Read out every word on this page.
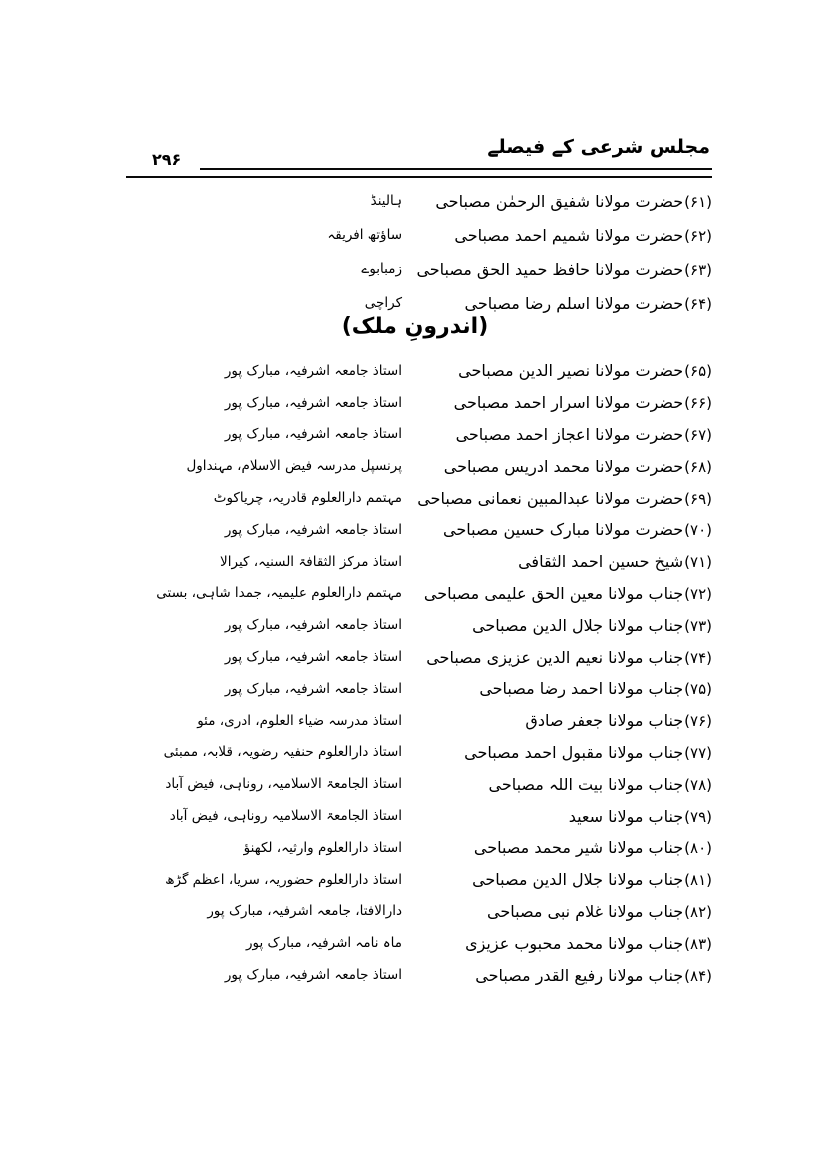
مجلس شرعی کے فیصلے
۲۹۶
(۶۱)حضرت مولانا شفیق الرحمٰن مصباحی
ہالینڈ
(۶۲)حضرت مولانا شمیم احمد مصباحی
ساؤتھ افریقہ
(۶۳)حضرت مولانا حافظ حمید الحق مصباحی
زمبابوے
(۶۴)حضرت مولانا اسلم رضا مصباحی
کراچی
(اندرونِ ملک)
(۶۵)حضرت مولانا نصیر الدین مصباحی
استاذ جامعہ اشرفیہ، مبارک پور
(۶۶)حضرت مولانا اسرار احمد مصباحی
استاذ جامعہ اشرفیہ، مبارک پور
(۶۷)حضرت مولانا اعجاز احمد مصباحی
استاذ جامعہ اشرفیہ، مبارک پور
(۶۸)حضرت مولانا محمد ادریس مصباحی
پرنسپل مدرسہ فیض الاسلام، مہنداول
(۶۹)حضرت مولانا عبدالمبین نعمانی مصباحی
مہتمم دارالعلوم قادریہ، چریاکوٹ
(۷۰)حضرت مولانا مبارک حسین مصباحی
استاذ جامعہ اشرفیہ، مبارک پور
(۷۱)شیخ حسین احمد الثقافی
استاذ مرکز الثقافۃ السنیہ، کیرالا
(۷۲)جناب مولانا معین الحق علیمی مصباحی
مہتمم دارالعلوم علیمیہ، جمدا شاہی، بستی
(۷۳)جناب مولانا جلال الدین مصباحی
استاذ جامعہ اشرفیہ، مبارک پور
(۷۴)جناب مولانا نعیم الدین عزیزی مصباحی
استاذ جامعہ اشرفیہ، مبارک پور
(۷۵)جناب مولانا احمد رضا مصباحی
استاذ جامعہ اشرفیہ، مبارک پور
(۷۶)جناب مولانا جعفر صادق
استاذ مدرسہ ضیاء العلوم، ادری، مئو
(۷۷)جناب مولانا مقبول احمد مصباحی
استاذ دارالعلوم حنفیہ رضویہ، قلابہ، ممبئی
(۷۸)جناب مولانا بیت اللہ مصباحی
استاذ الجامعۃ الاسلامیہ، روناہی، فیض آباد
(۷۹)جناب مولانا سعید
استاذ الجامعۃ الاسلامیہ روناہی، فیض آباد
(۸۰)جناب مولانا شیر محمد مصباحی
استاذ دارالعلوم وارثیہ، لکھنؤ
(۸۱)جناب مولانا جلال الدین مصباحی
استاذ دارالعلوم حضوریہ، سریا، اعظم گڑھ
(۸۲)جناب مولانا غلام نبی مصباحی
دارالافتا، جامعہ اشرفیہ، مبارک پور
(۸۳)جناب مولانا محمد محبوب عزیزی
ماہ نامہ اشرفیہ، مبارک پور
(۸۴)جناب مولانا رفیع القدر مصباحی
استاذ جامعہ اشرفیہ، مبارک پور
